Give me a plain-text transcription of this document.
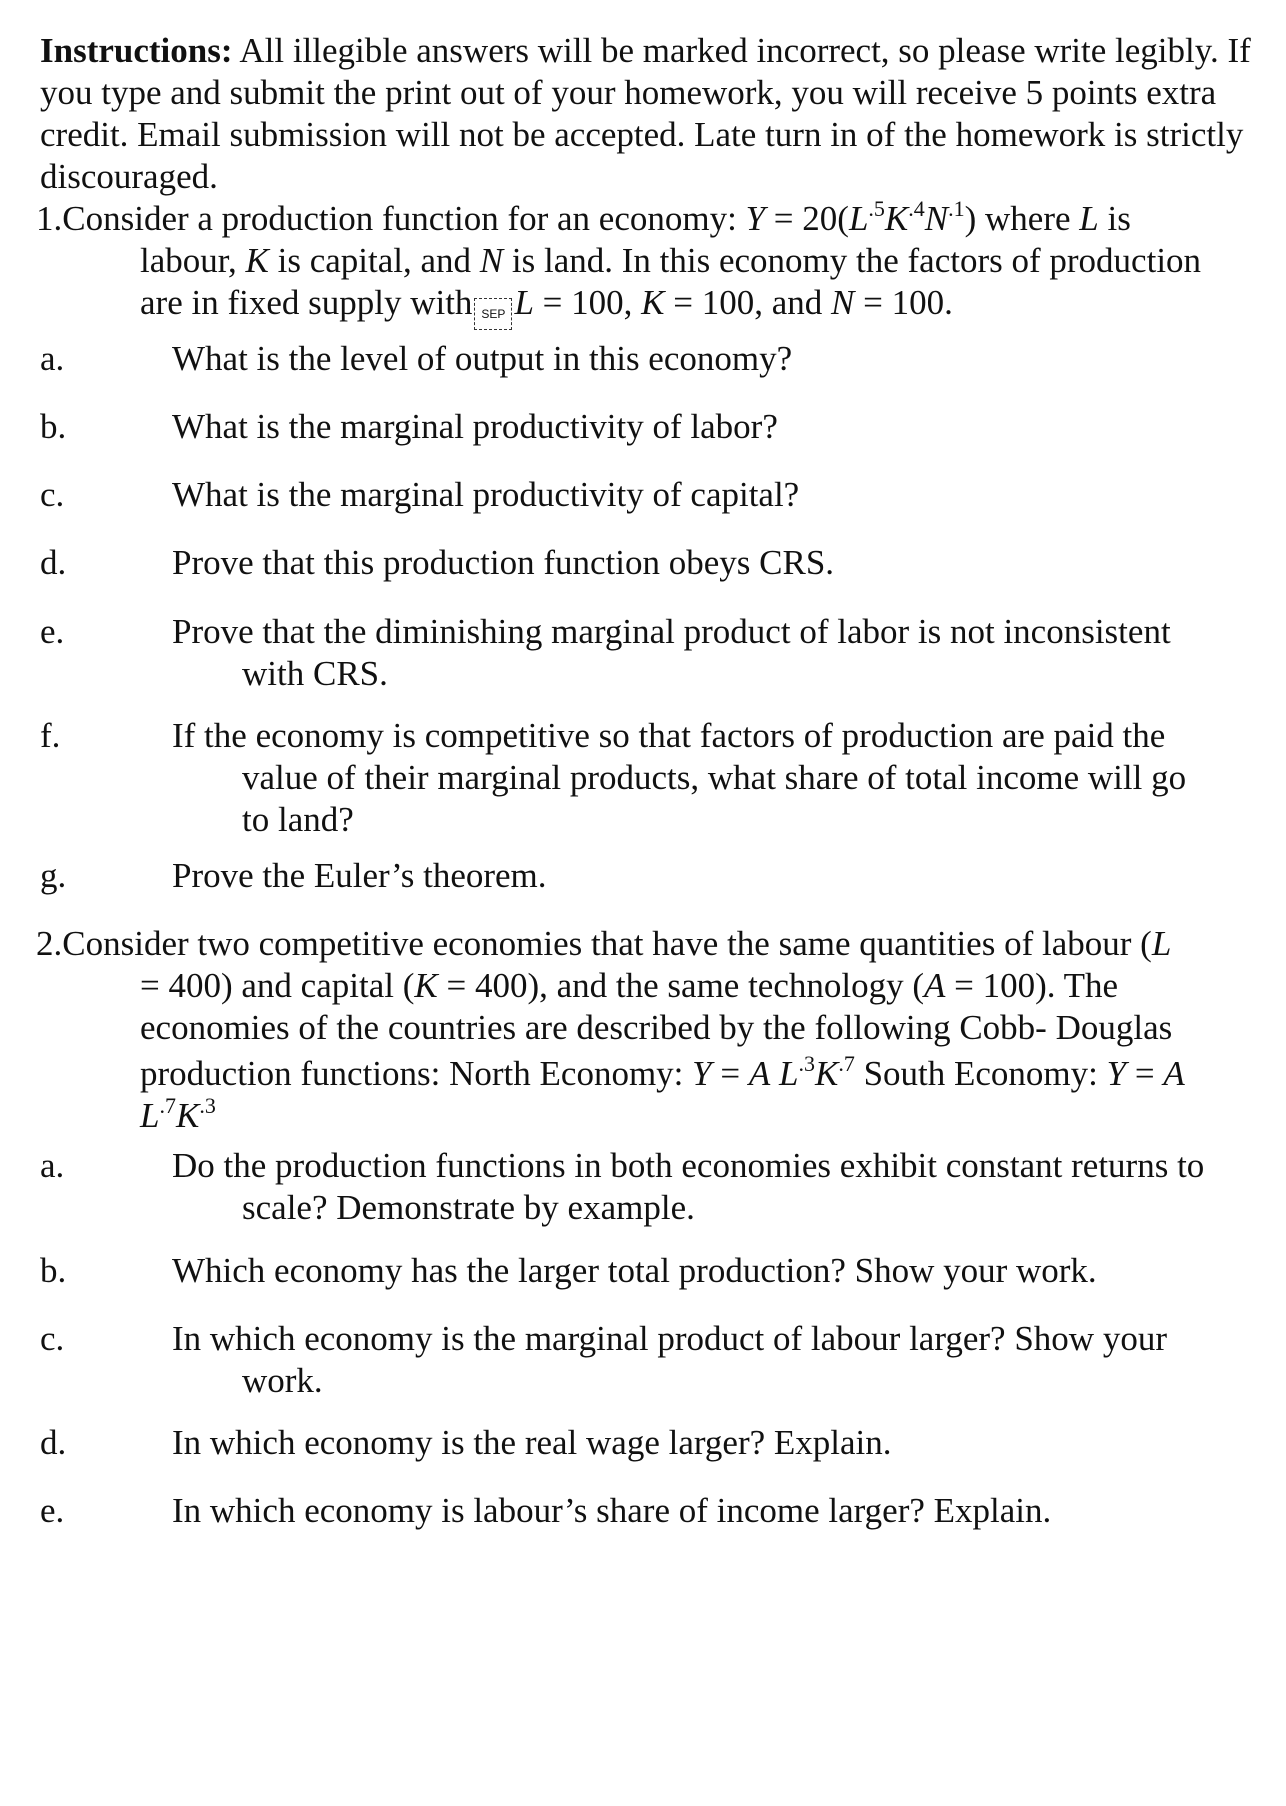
Instructions: All illegible answers will be marked incorrect, so please write legibly. If you type and submit the print out of your homework, you will receive 5 points extra credit. Email submission will not be accepted. Late turn in of the homework is strictly discouraged.
1.Consider a production function for an economy: $Y = 20(L^{.5}K^{.4}N^{.1})$ where L is
labour, K is capital, and N is land. In this economy the factors of production
are in fixed supply with SEP L = 100, K = 100, and N = 100.
a.	What is the level of output in this economy?
b.	What is the marginal productivity of labor?
c.	What is the marginal productivity of capital?
d.	Prove that this production function obeys CRS.
e.	Prove that the diminishing marginal product of labor is not inconsistent
with CRS.
f.	If the economy is competitive so that factors of production are paid the
value of their marginal products, what share of total income will go
to land?
g.	Prove the Euler’s theorem.
2.Consider two competitive economies that have the same quantities of labour (L
= 400) and capital (K = 400), and the same technology (A = 100). The
economies of the countries are described by the following Cobb- Douglas
production functions: North Economy: Y = A $L^{.3}K^{.7}$ South Economy: Y = A
$L^{.7}K^{.3}$
a.	Do the production functions in both economies exhibit constant returns to
scale? Demonstrate by example.
b.	Which economy has the larger total production? Show your work.
c.	In which economy is the marginal product of labour larger? Show your
work.
d.	In which economy is the real wage larger? Explain.
e.	In which economy is labour’s share of income larger? Explain.
